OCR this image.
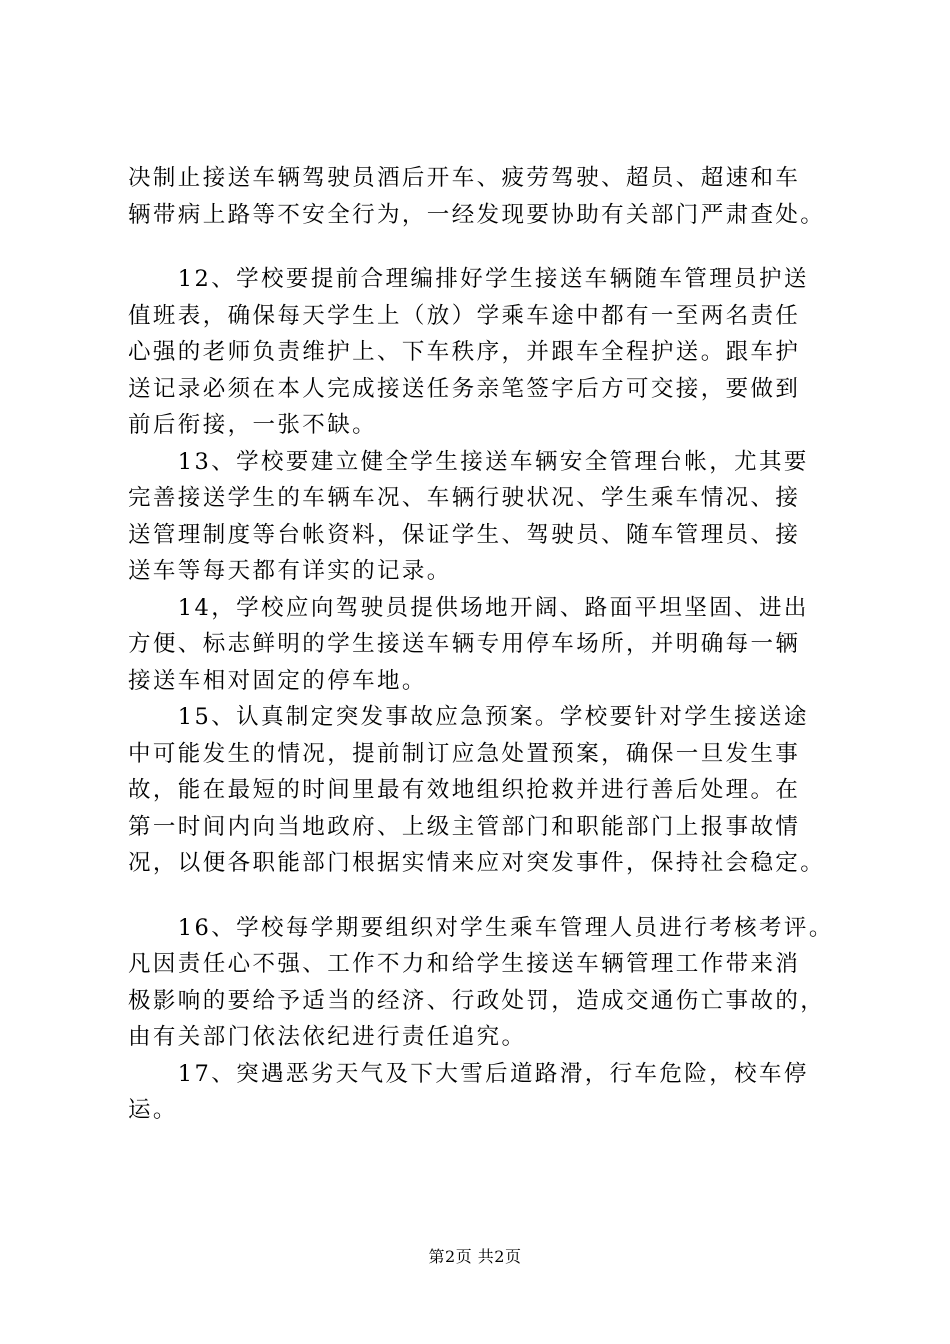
决制止接送车辆驾驶员酒后开车、疲劳驾驶、超员、超速和车
辆带病上路等不安全行为，一经发现要协助有关部门严肃查处。
　　12、学校要提前合理编排好学生接送车辆随车管理员护送
值班表，确保每天学生上（放）学乘车途中都有一至两名责任
心强的老师负责维护上、下车秩序，并跟车全程护送。跟车护
送记录必须在本人完成接送任务亲笔签字后方可交接，要做到
前后衔接，一张不缺。
　　13、学校要建立健全学生接送车辆安全管理台帐，尤其要
完善接送学生的车辆车况、车辆行驶状况、学生乘车情况、接
送管理制度等台帐资料，保证学生、驾驶员、随车管理员、接
送车等每天都有详实的记录。
　　14，学校应向驾驶员提供场地开阔、路面平坦坚固、进出
方便、标志鲜明的学生接送车辆专用停车场所，并明确每一辆
接送车相对固定的停车地。
　　15、认真制定突发事故应急预案。学校要针对学生接送途
中可能发生的情况，提前制订应急处置预案，确保一旦发生事
故，能在最短的时间里最有效地组织抢救并进行善后处理。在
第一时间内向当地政府、上级主管部门和职能部门上报事故情
况，以便各职能部门根据实情来应对突发事件，保持社会稳定。
　　16、学校每学期要组织对学生乘车管理人员进行考核考评。
凡因责任心不强、工作不力和给学生接送车辆管理工作带来消
极影响的要给予适当的经济、行政处罚，造成交通伤亡事故的，
由有关部门依法依纪进行责任追究。
　　17、突遇恶劣天气及下大雪后道路滑，行车危险，校车停
运。
第2页 共2页
